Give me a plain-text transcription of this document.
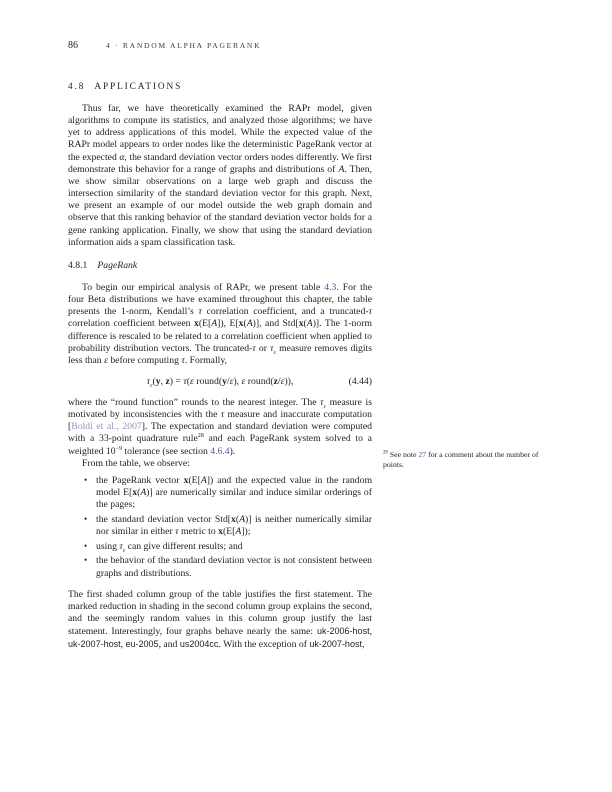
86	4 · RANDOM ALPHA PAGERANK
4.8 APPLICATIONS

Thus far, we have theoretically examined the RAPr model, given algorithms to compute its statistics, and analyzed those algorithms; we have yet to address applications of this model. While the expected value of the RAPr model appears to order nodes like the deterministic PageRank vector at the expected α, the standard deviation vector orders nodes differently. We first demonstrate this behavior for a range of graphs and distributions of A. Then, we show similar observations on a large web graph and discuss the intersection similarity of the standard deviation vector for this graph. Next, we present an example of our model outside the web graph domain and observe that this ranking behavior of the standard deviation vector holds for a gene ranking application. Finally, we show that using the standard deviation information aids a spam classification task.

4.8.1 PageRank

To begin our empirical analysis of RAPr, we present table 4.3. For the four Beta distributions we have examined throughout this chapter, the table presents the 1-norm, Kendall’s τ correlation coefficient, and a truncated-τ correlation coefficient between x(E[A]), E[x(A)], and Std[x(A)]. The 1-norm difference is rescaled to be related to a correlation coefficient when applied to probability distribution vectors. The truncated-τ or $\tau_\varepsilon$ measure removes digits less than ε before computing τ. Formally,

$\tau_\varepsilon(y$, z) = τ(ε round(y/ε), ε round(z/ε)),	(4.44)

where the “round function” rounds to the nearest integer. The $\tau_\varepsilon$ measure is motivated by inconsistencies with the τ measure and inaccurate computation [Boldi et al., 2007]. The expectation and standard deviation were computed with a 33-point quadrature rule$^{28}$ and each PageRank system solved to a weighted $10^{-9}$ tolerance (see section 4.6.4).

From the table, we observe:

• the PageRank vector x(E[A]) and the expected value in the random model E[x(A)] are numerically similar and induce similar orderings of the pages;
• the standard deviation vector Std[x(A)] is neither numerically similar nor similar in either τ metric to x(E[A]);
• using $\tau_\varepsilon$ can give different results; and
• the behavior of the standard deviation vector is not consistent between graphs and distributions.

The first shaded column group of the table justifies the first statement. The marked reduction in shading in the second column group explains the second, and the seemingly random values in this column group justify the last statement. Interestingly, four graphs behave nearly the same: uk-2006-host, uk-2007-host, eu-2005, and us2004cc. With the exception of uk-2007-host,

$^{28}$ See note 27 for a comment about the number of points.
